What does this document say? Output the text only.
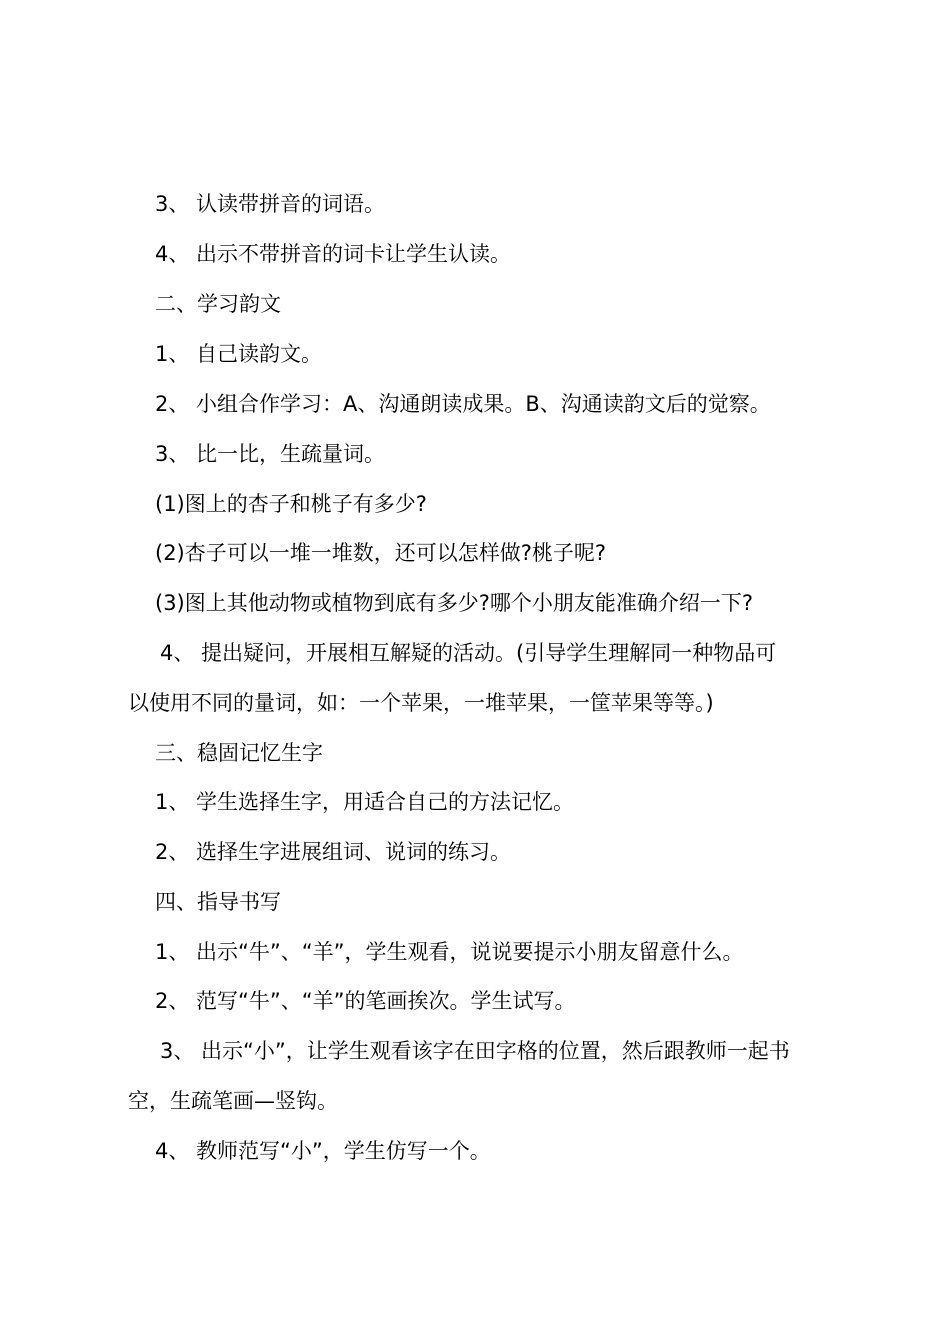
3、 认读带拼音的词语。
4、 出示不带拼音的词卡让学生认读。
二、学习韵文
1、 自己读韵文。
2、 小组合作学习：A、沟通朗读成果。B、沟通读韵文后的觉察。
3、 比一比，生疏量词。
(1)图上的杏子和桃子有多少?
(2)杏子可以一堆一堆数，还可以怎样做?桃子呢?
(3)图上其他动物或植物到底有多少?哪个小朋友能准确介绍一下?
4、 提出疑问，开展相互解疑的活动。(引导学生理解同一种物品可
以使用不同的量词，如：一个苹果，一堆苹果，一筐苹果等等。)
三、稳固记忆生字
1、 学生选择生字，用适合自己的方法记忆。
2、 选择生字进展组词、说词的练习。
四、指导书写
1、 出示“牛”、“羊”，学生观看，说说要提示小朋友留意什么。
2、 范写“牛”、“羊”的笔画挨次。学生试写。
3、 出示“小”，让学生观看该字在田字格的位置，然后跟教师一起书
空，生疏笔画—竖钩。
4、 教师范写“小”，学生仿写一个。
